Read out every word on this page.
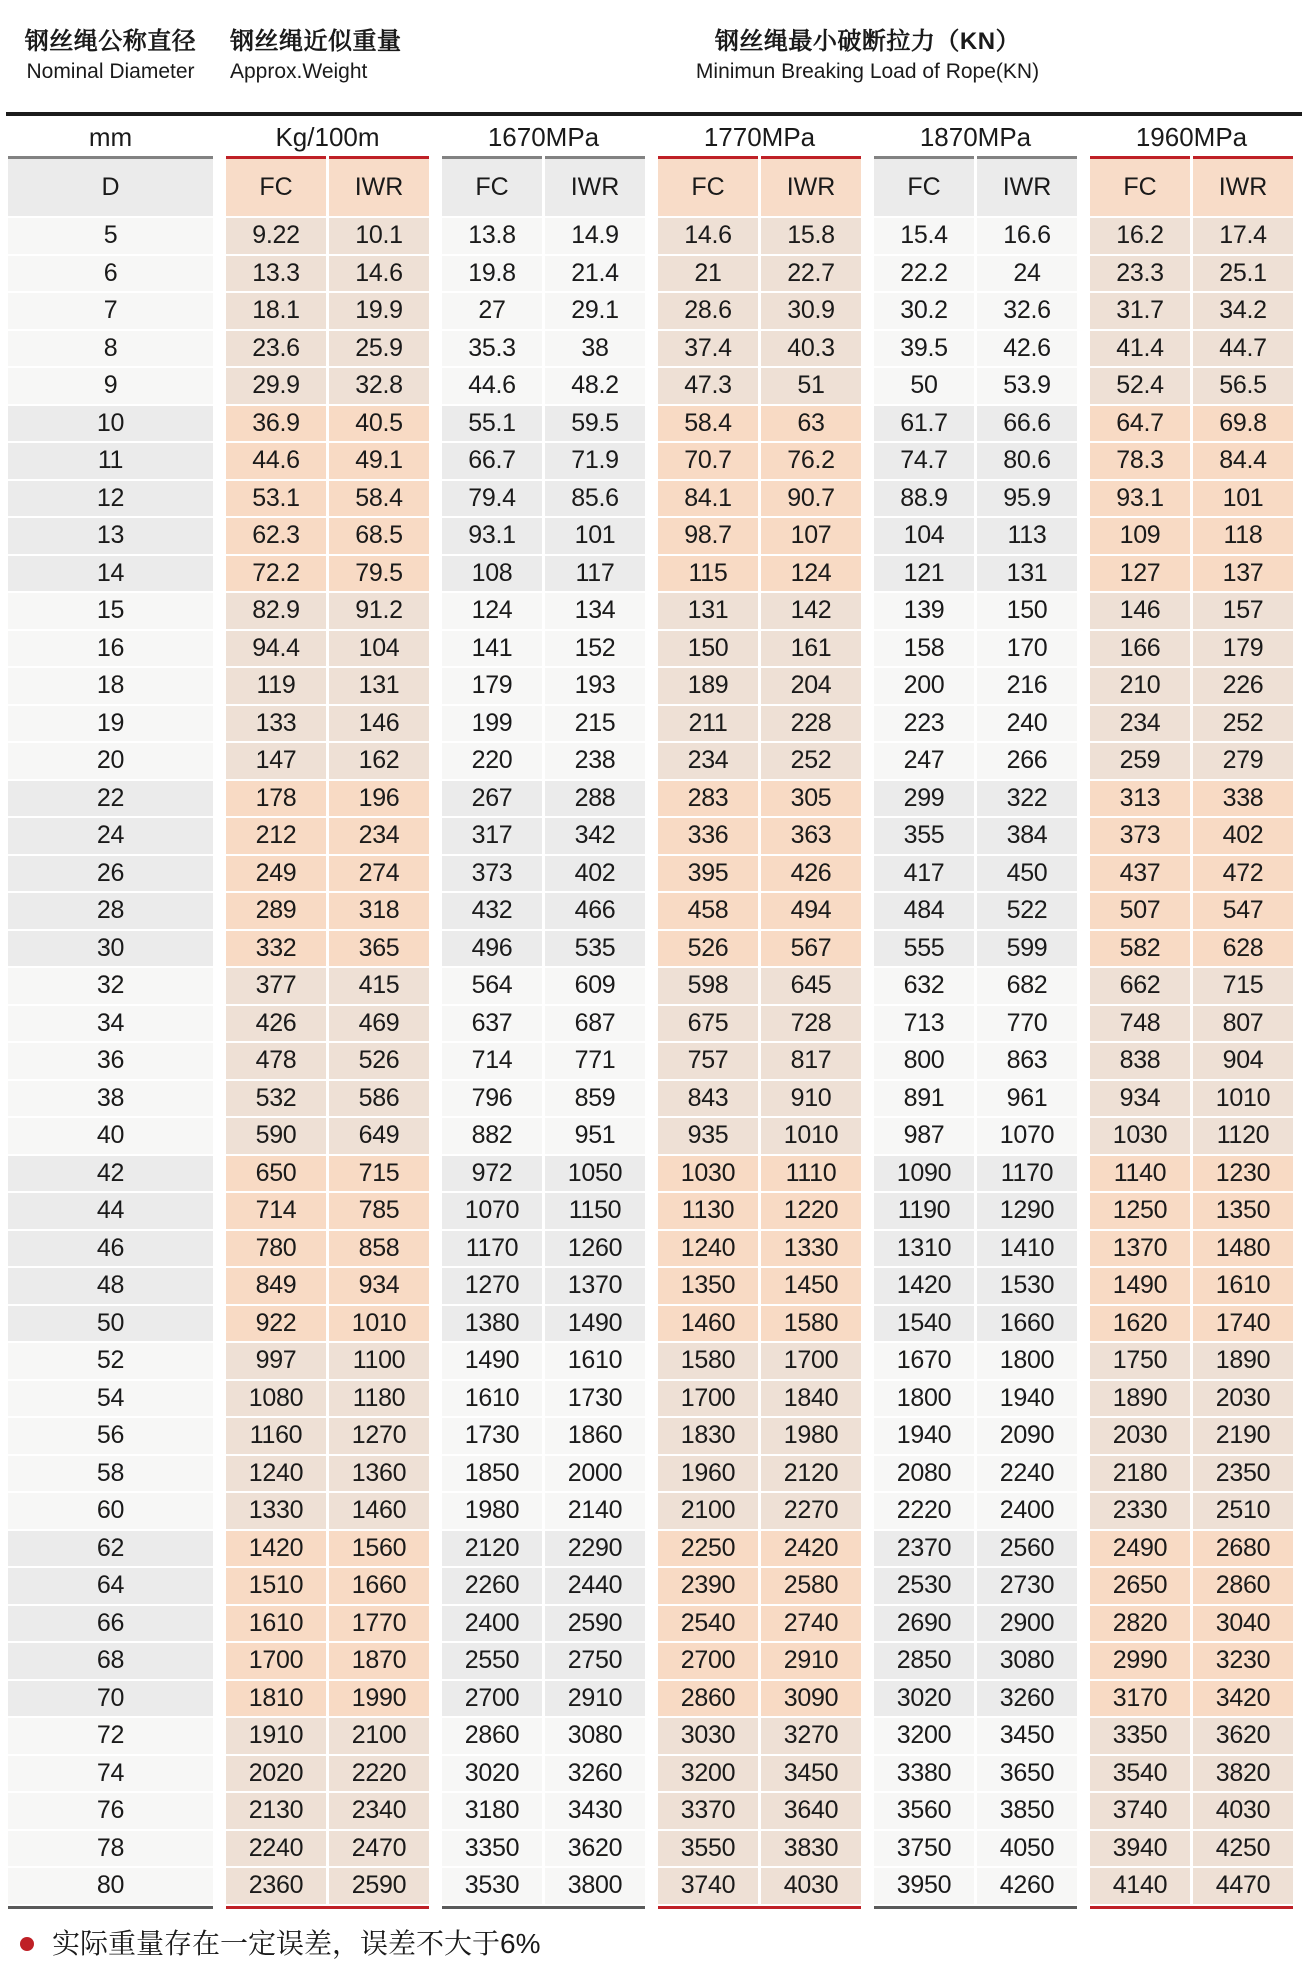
钢丝绳公称直径
Nominal Diameter
钢丝绳近似重量
Approx.Weight
钢丝绳最小破断拉力（KN）
Minimun Breaking Load of Rope(KN)
mm	Kg/100m	1670MPa	1770MPa	1870MPa	1960MPa
D	FC	IWR	FC	IWR	FC	IWR	FC	IWR	FC	IWR
5	9.22	10.1	13.8	14.9	14.6	15.8	15.4	16.6	16.2	17.4
6	13.3	14.6	19.8	21.4	21	22.7	22.2	24	23.3	25.1
7	18.1	19.9	27	29.1	28.6	30.9	30.2	32.6	31.7	34.2
8	23.6	25.9	35.3	38	37.4	40.3	39.5	42.6	41.4	44.7
9	29.9	32.8	44.6	48.2	47.3	51	50	53.9	52.4	56.5
10	36.9	40.5	55.1	59.5	58.4	63	61.7	66.6	64.7	69.8
11	44.6	49.1	66.7	71.9	70.7	76.2	74.7	80.6	78.3	84.4
12	53.1	58.4	79.4	85.6	84.1	90.7	88.9	95.9	93.1	101
13	62.3	68.5	93.1	101	98.7	107	104	113	109	118
14	72.2	79.5	108	117	115	124	121	131	127	137
15	82.9	91.2	124	134	131	142	139	150	146	157
16	94.4	104	141	152	150	161	158	170	166	179
18	119	131	179	193	189	204	200	216	210	226
19	133	146	199	215	211	228	223	240	234	252
20	147	162	220	238	234	252	247	266	259	279
22	178	196	267	288	283	305	299	322	313	338
24	212	234	317	342	336	363	355	384	373	402
26	249	274	373	402	395	426	417	450	437	472
28	289	318	432	466	458	494	484	522	507	547
30	332	365	496	535	526	567	555	599	582	628
32	377	415	564	609	598	645	632	682	662	715
34	426	469	637	687	675	728	713	770	748	807
36	478	526	714	771	757	817	800	863	838	904
38	532	586	796	859	843	910	891	961	934	1010
40	590	649	882	951	935	1010	987	1070	1030	1120
42	650	715	972	1050	1030	1110	1090	1170	1140	1230
44	714	785	1070	1150	1130	1220	1190	1290	1250	1350
46	780	858	1170	1260	1240	1330	1310	1410	1370	1480
48	849	934	1270	1370	1350	1450	1420	1530	1490	1610
50	922	1010	1380	1490	1460	1580	1540	1660	1620	1740
52	997	1100	1490	1610	1580	1700	1670	1800	1750	1890
54	1080	1180	1610	1730	1700	1840	1800	1940	1890	2030
56	1160	1270	1730	1860	1830	1980	1940	2090	2030	2190
58	1240	1360	1850	2000	1960	2120	2080	2240	2180	2350
60	1330	1460	1980	2140	2100	2270	2220	2400	2330	2510
62	1420	1560	2120	2290	2250	2420	2370	2560	2490	2680
64	1510	1660	2260	2440	2390	2580	2530	2730	2650	2860
66	1610	1770	2400	2590	2540	2740	2690	2900	2820	3040
68	1700	1870	2550	2750	2700	2910	2850	3080	2990	3230
70	1810	1990	2700	2910	2860	3090	3020	3260	3170	3420
72	1910	2100	2860	3080	3030	3270	3200	3450	3350	3620
74	2020	2220	3020	3260	3200	3450	3380	3650	3540	3820
76	2130	2340	3180	3430	3370	3640	3560	3850	3740	4030
78	2240	2470	3350	3620	3550	3830	3750	4050	3940	4250
80	2360	2590	3530	3800	3740	4030	3950	4260	4140	4470
实际重量存在一定误差，误差不大于6%
